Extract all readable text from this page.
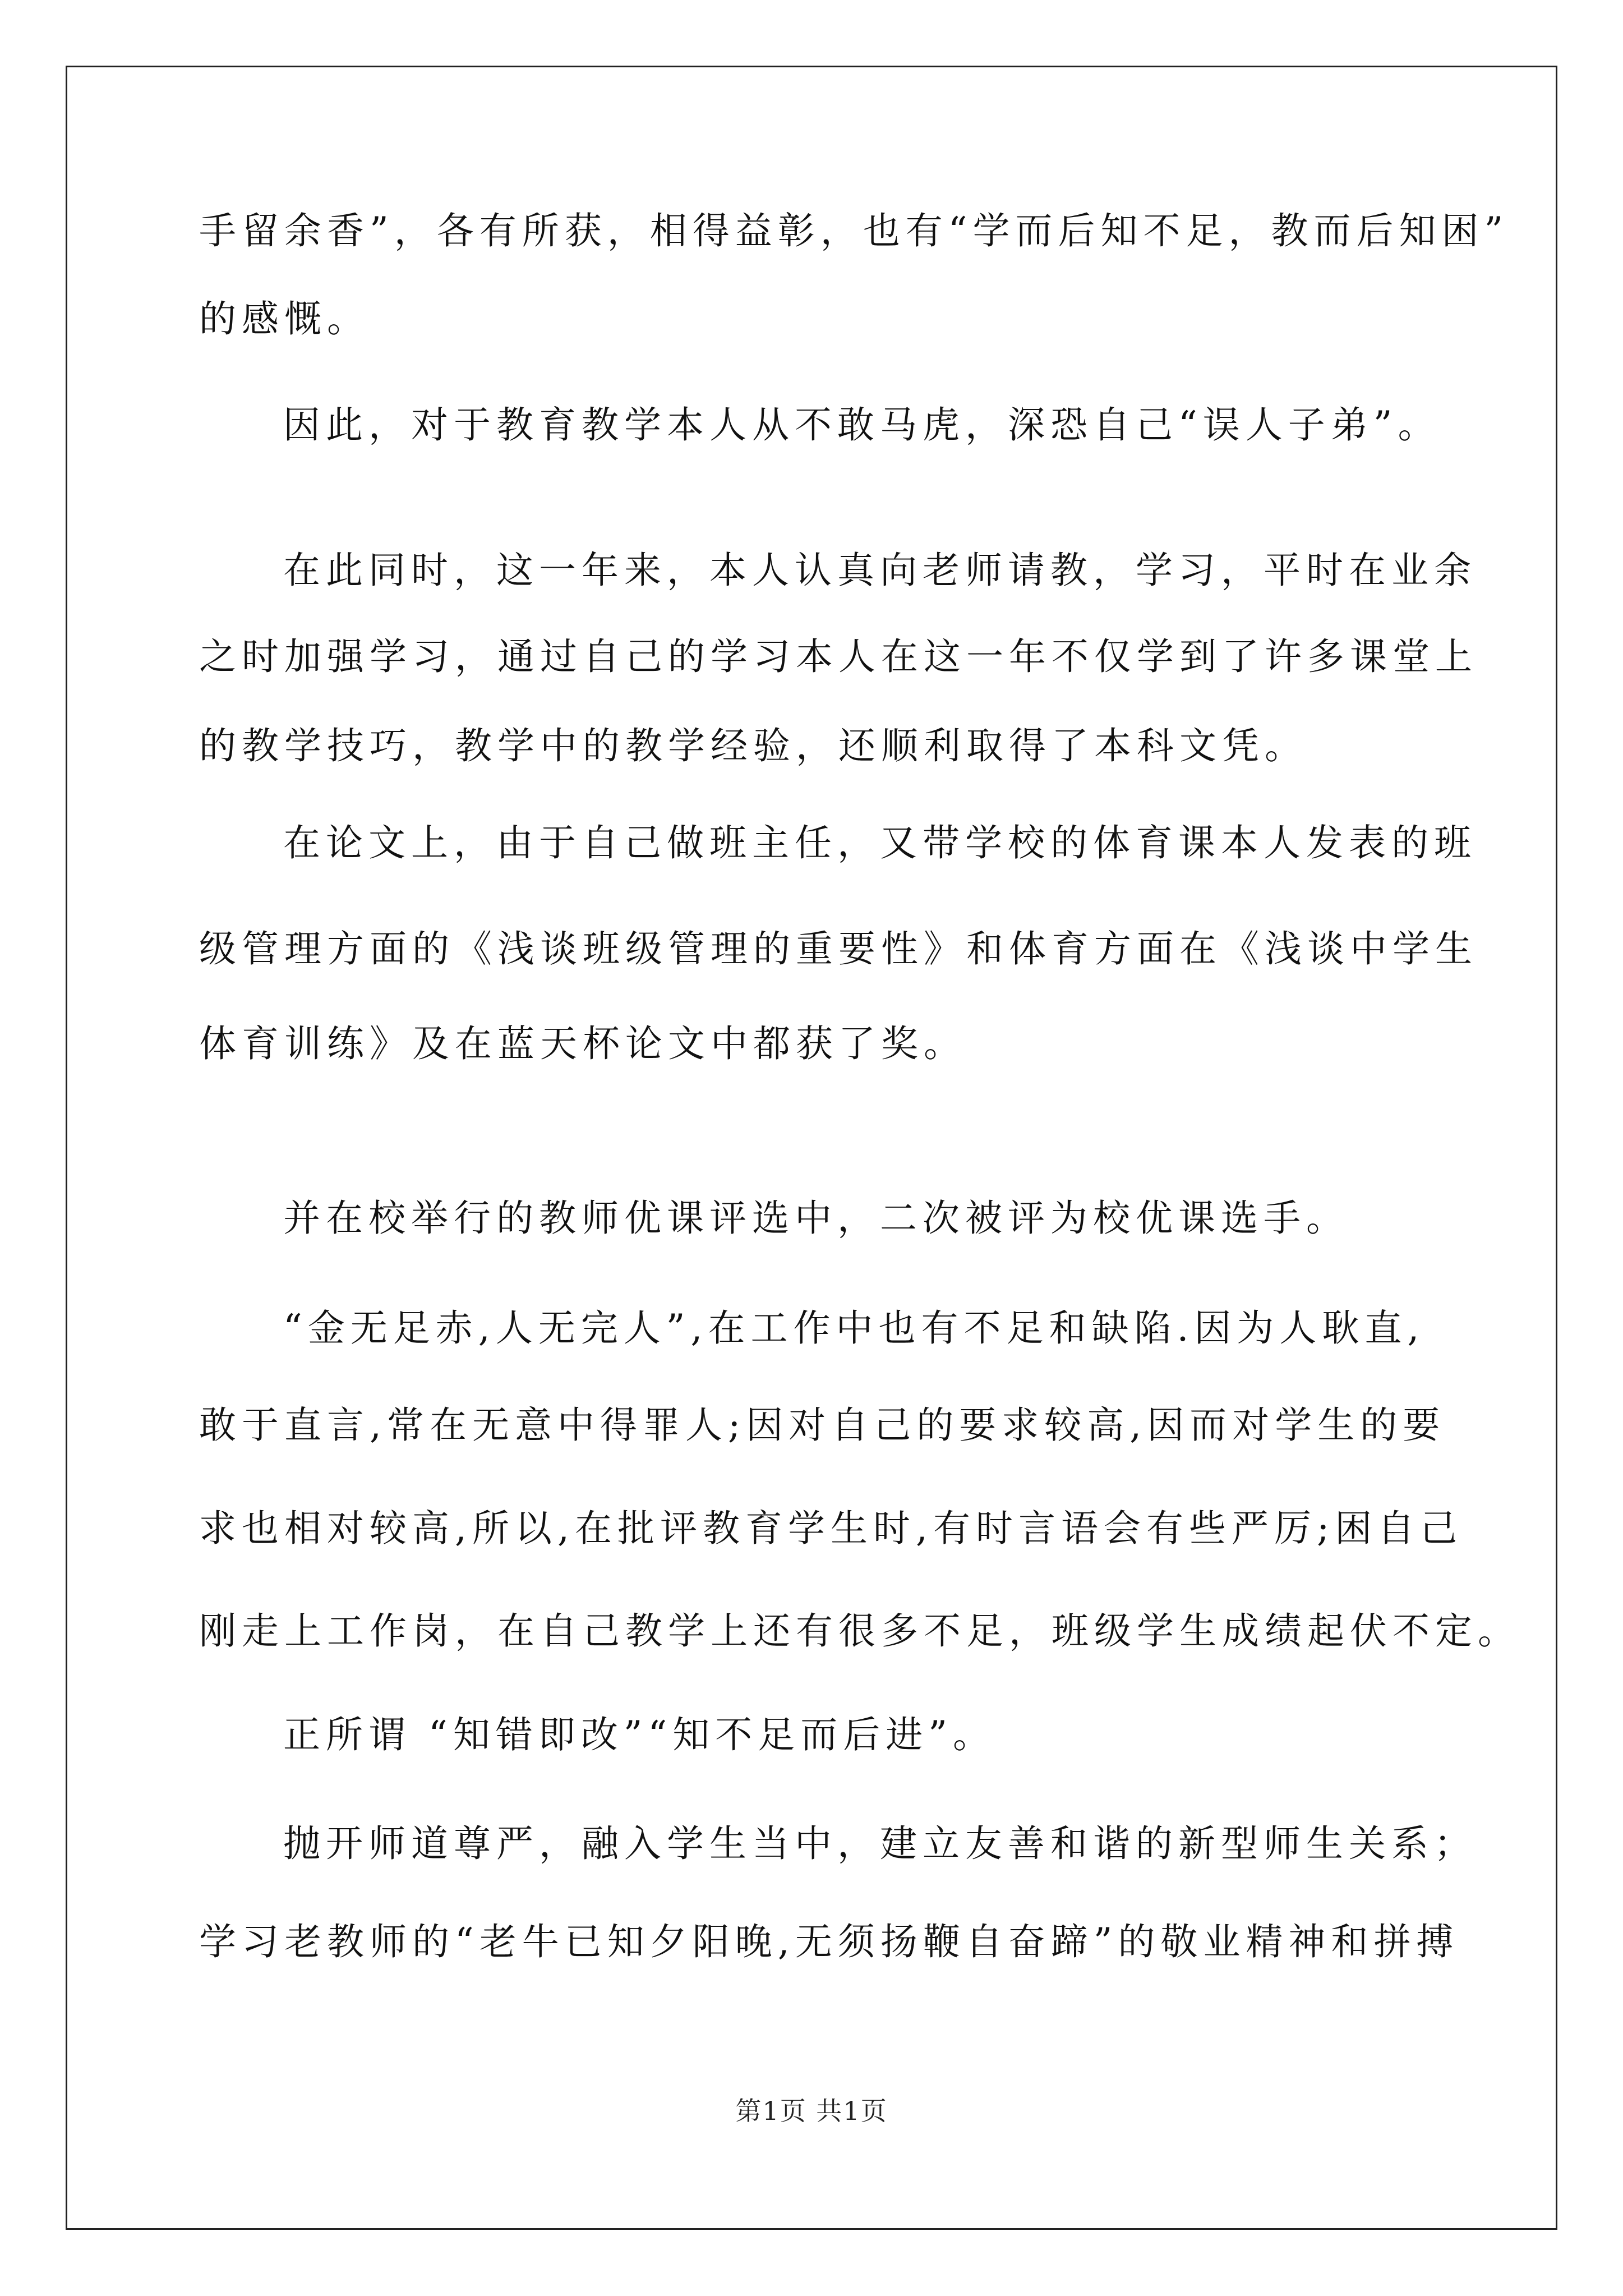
手留余香”，各有所获，相得益彰，也有“学而后知不足，教而后知困”
的感慨。
因此，对于教育教学本人从不敢马虎，深恐自己“误人子弟”。
在此同时，这一年来，本人认真向老师请教，学习，平时在业余
之时加强学习，通过自己的学习本人在这一年不仅学到了许多课堂上
的教学技巧，教学中的教学经验，还顺利取得了本科文凭。
在论文上，由于自己做班主任，又带学校的体育课本人发表的班
级管理方面的《浅谈班级管理的重要性》和体育方面在《浅谈中学生
体育训练》及在蓝天杯论文中都获了奖。
并在校举行的教师优课评选中，二次被评为校优课选手。
“金无足赤,人无完人”,在工作中也有不足和缺陷.因为人耿直,
敢于直言,常在无意中得罪人;因对自己的要求较高,因而对学生的要
求也相对较高,所以,在批评教育学生时,有时言语会有些严厉;困自己
刚走上工作岗，在自己教学上还有很多不足，班级学生成绩起伏不定。
正所谓 “知错即改”“知不足而后进”。
抛开师道尊严，融入学生当中，建立友善和谐的新型师生关系；
学习老教师的“老牛已知夕阳晚,无须扬鞭自奋蹄”的敬业精神和拼搏
第1页 共1页
